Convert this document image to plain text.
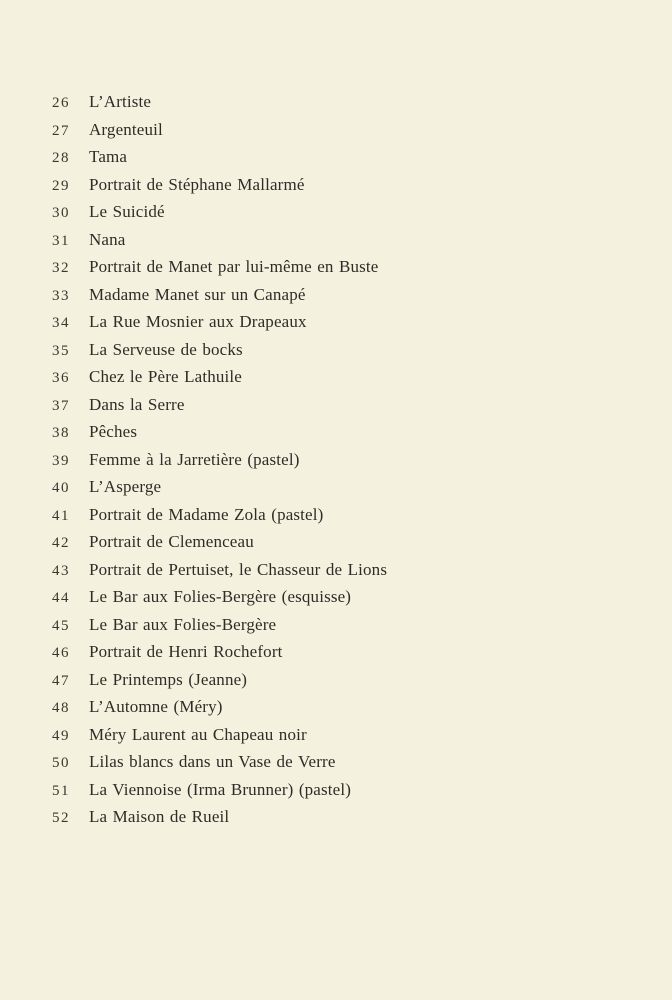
26	L’Artiste
27	Argenteuil
28	Tama
29	Portrait de Stéphane Mallarmé
30	Le Suicidé
31	Nana
32	Portrait de Manet par lui-même en Buste
33	Madame Manet sur un Canapé
34	La Rue Mosnier aux Drapeaux
35	La Serveuse de bocks
36	Chez le Père Lathuile
37	Dans la Serre
38	Pêches
39	Femme à la Jarretière (pastel)
40	L’Asperge
41	Portrait de Madame Zola (pastel)
42	Portrait de Clemenceau
43	Portrait de Pertuiset, le Chasseur de Lions
44	Le Bar aux Folies-Bergère (esquisse)
45	Le Bar aux Folies-Bergère
46	Portrait de Henri Rochefort
47	Le Printemps (Jeanne)
48	L’Automne (Méry)
49	Méry Laurent au Chapeau noir
50	Lilas blancs dans un Vase de Verre
51	La Viennoise (Irma Brunner) (pastel)
52	La Maison de Rueil
